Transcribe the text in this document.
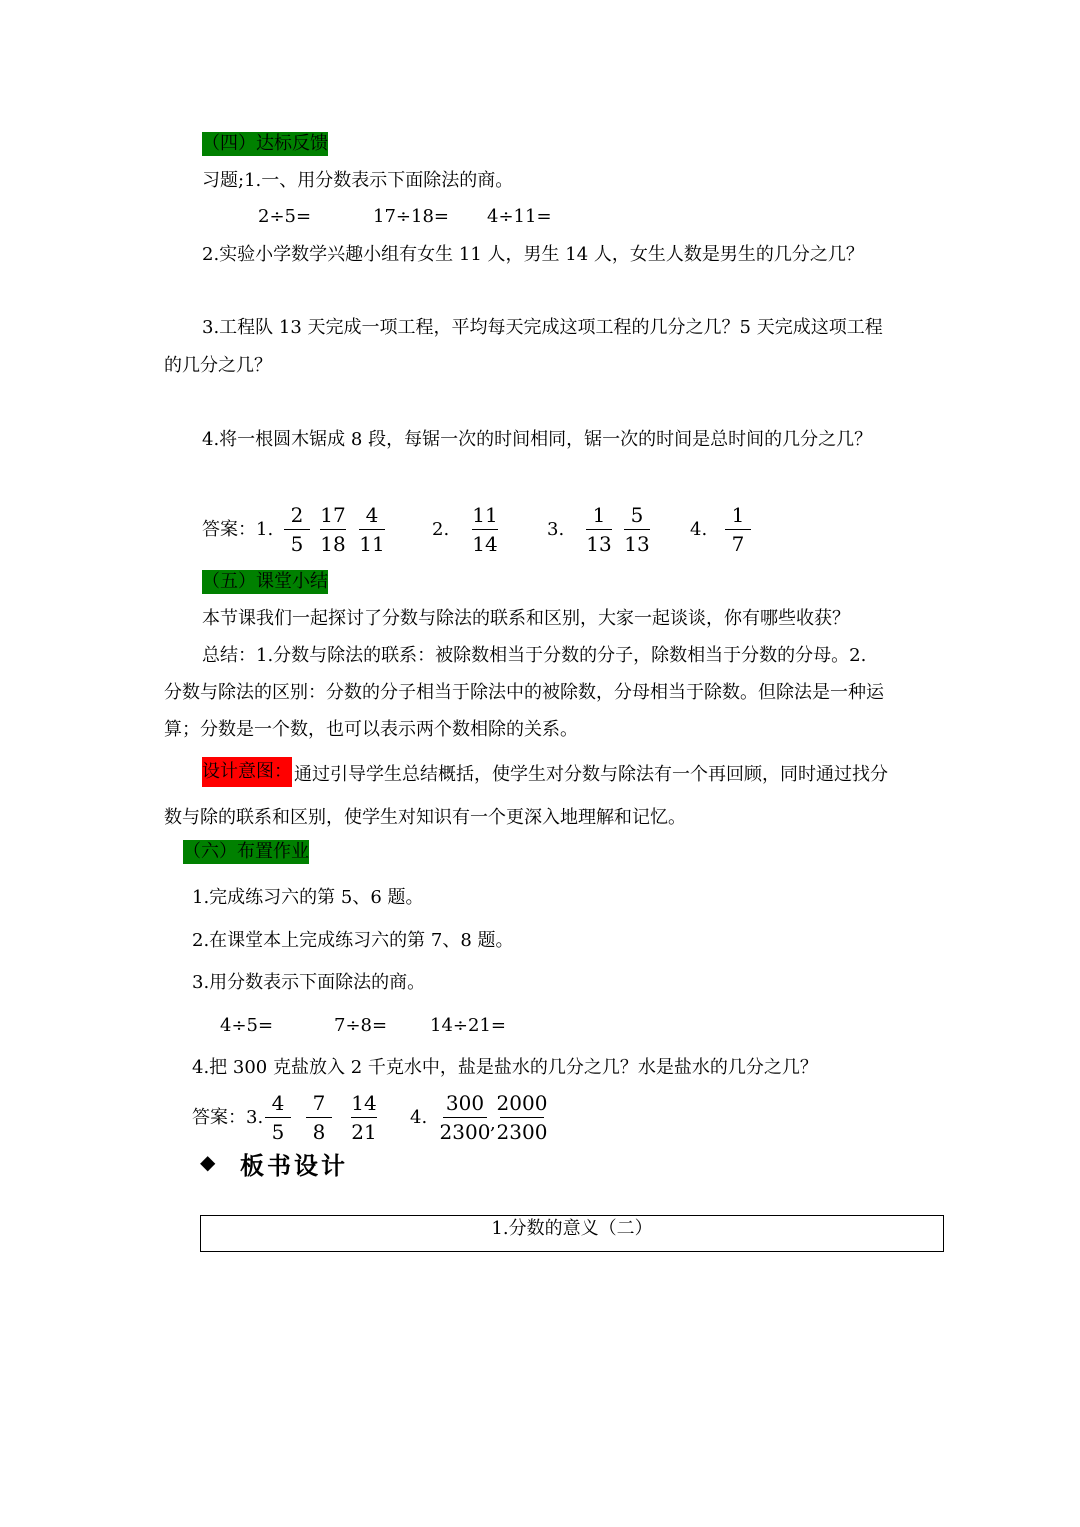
（四）达标反馈
习题;1.一、用分数表示下面除法的商。
2÷5=	17÷18= 4÷11=
2.实验小学数学兴趣小组有女生 11 人，男生 14 人，女生人数是男生的几分之几？
3.工程队 13 天完成一项工程，平均每天完成这项工程的几分之几？5 天完成这项工程
的几分之几？
4.将一根圆木锯成 8 段，每锯一次的时间相同，锯一次的时间是总时间的几分之几？
答案：1.
2
5
17
18
4
11
2.
11
14
3.
1
13
5
13
4.
1
7
（五）课堂小结
本节课我们一起探讨了分数与除法的联系和区别，大家一起谈谈，你有哪些收获？
总结：1.分数与除法的联系：被除数相当于分数的分子，除数相当于分数的分母。2.
分数与除法的区别：分数的分子相当于除法中的被除数，分母相当于除数。但除法是一种运
算；分数是一个数，也可以表示两个数相除的关系。
设计意图： 通过引导学生总结概括，使学生对分数与除法有一个再回顾，同时通过找分
数与除的联系和区别，使学生对知识有一个更深入地理解和记忆。
（六）布置作业
1.完成练习六的第 5、6 题。
2.在课堂本上完成练习六的第 7、8 题。
3.用分数表示下面除法的商。
4÷5=	7÷8= 14÷21=
4.把 300 克盐放入 2 千克水中，盐是盐水的几分之几？水是盐水的几分之几？
答案：3.
4
5
7
8
14
21
4.
300
2300 ,
2000
2300
◆ 板书设计
1.分数的意义（二）
